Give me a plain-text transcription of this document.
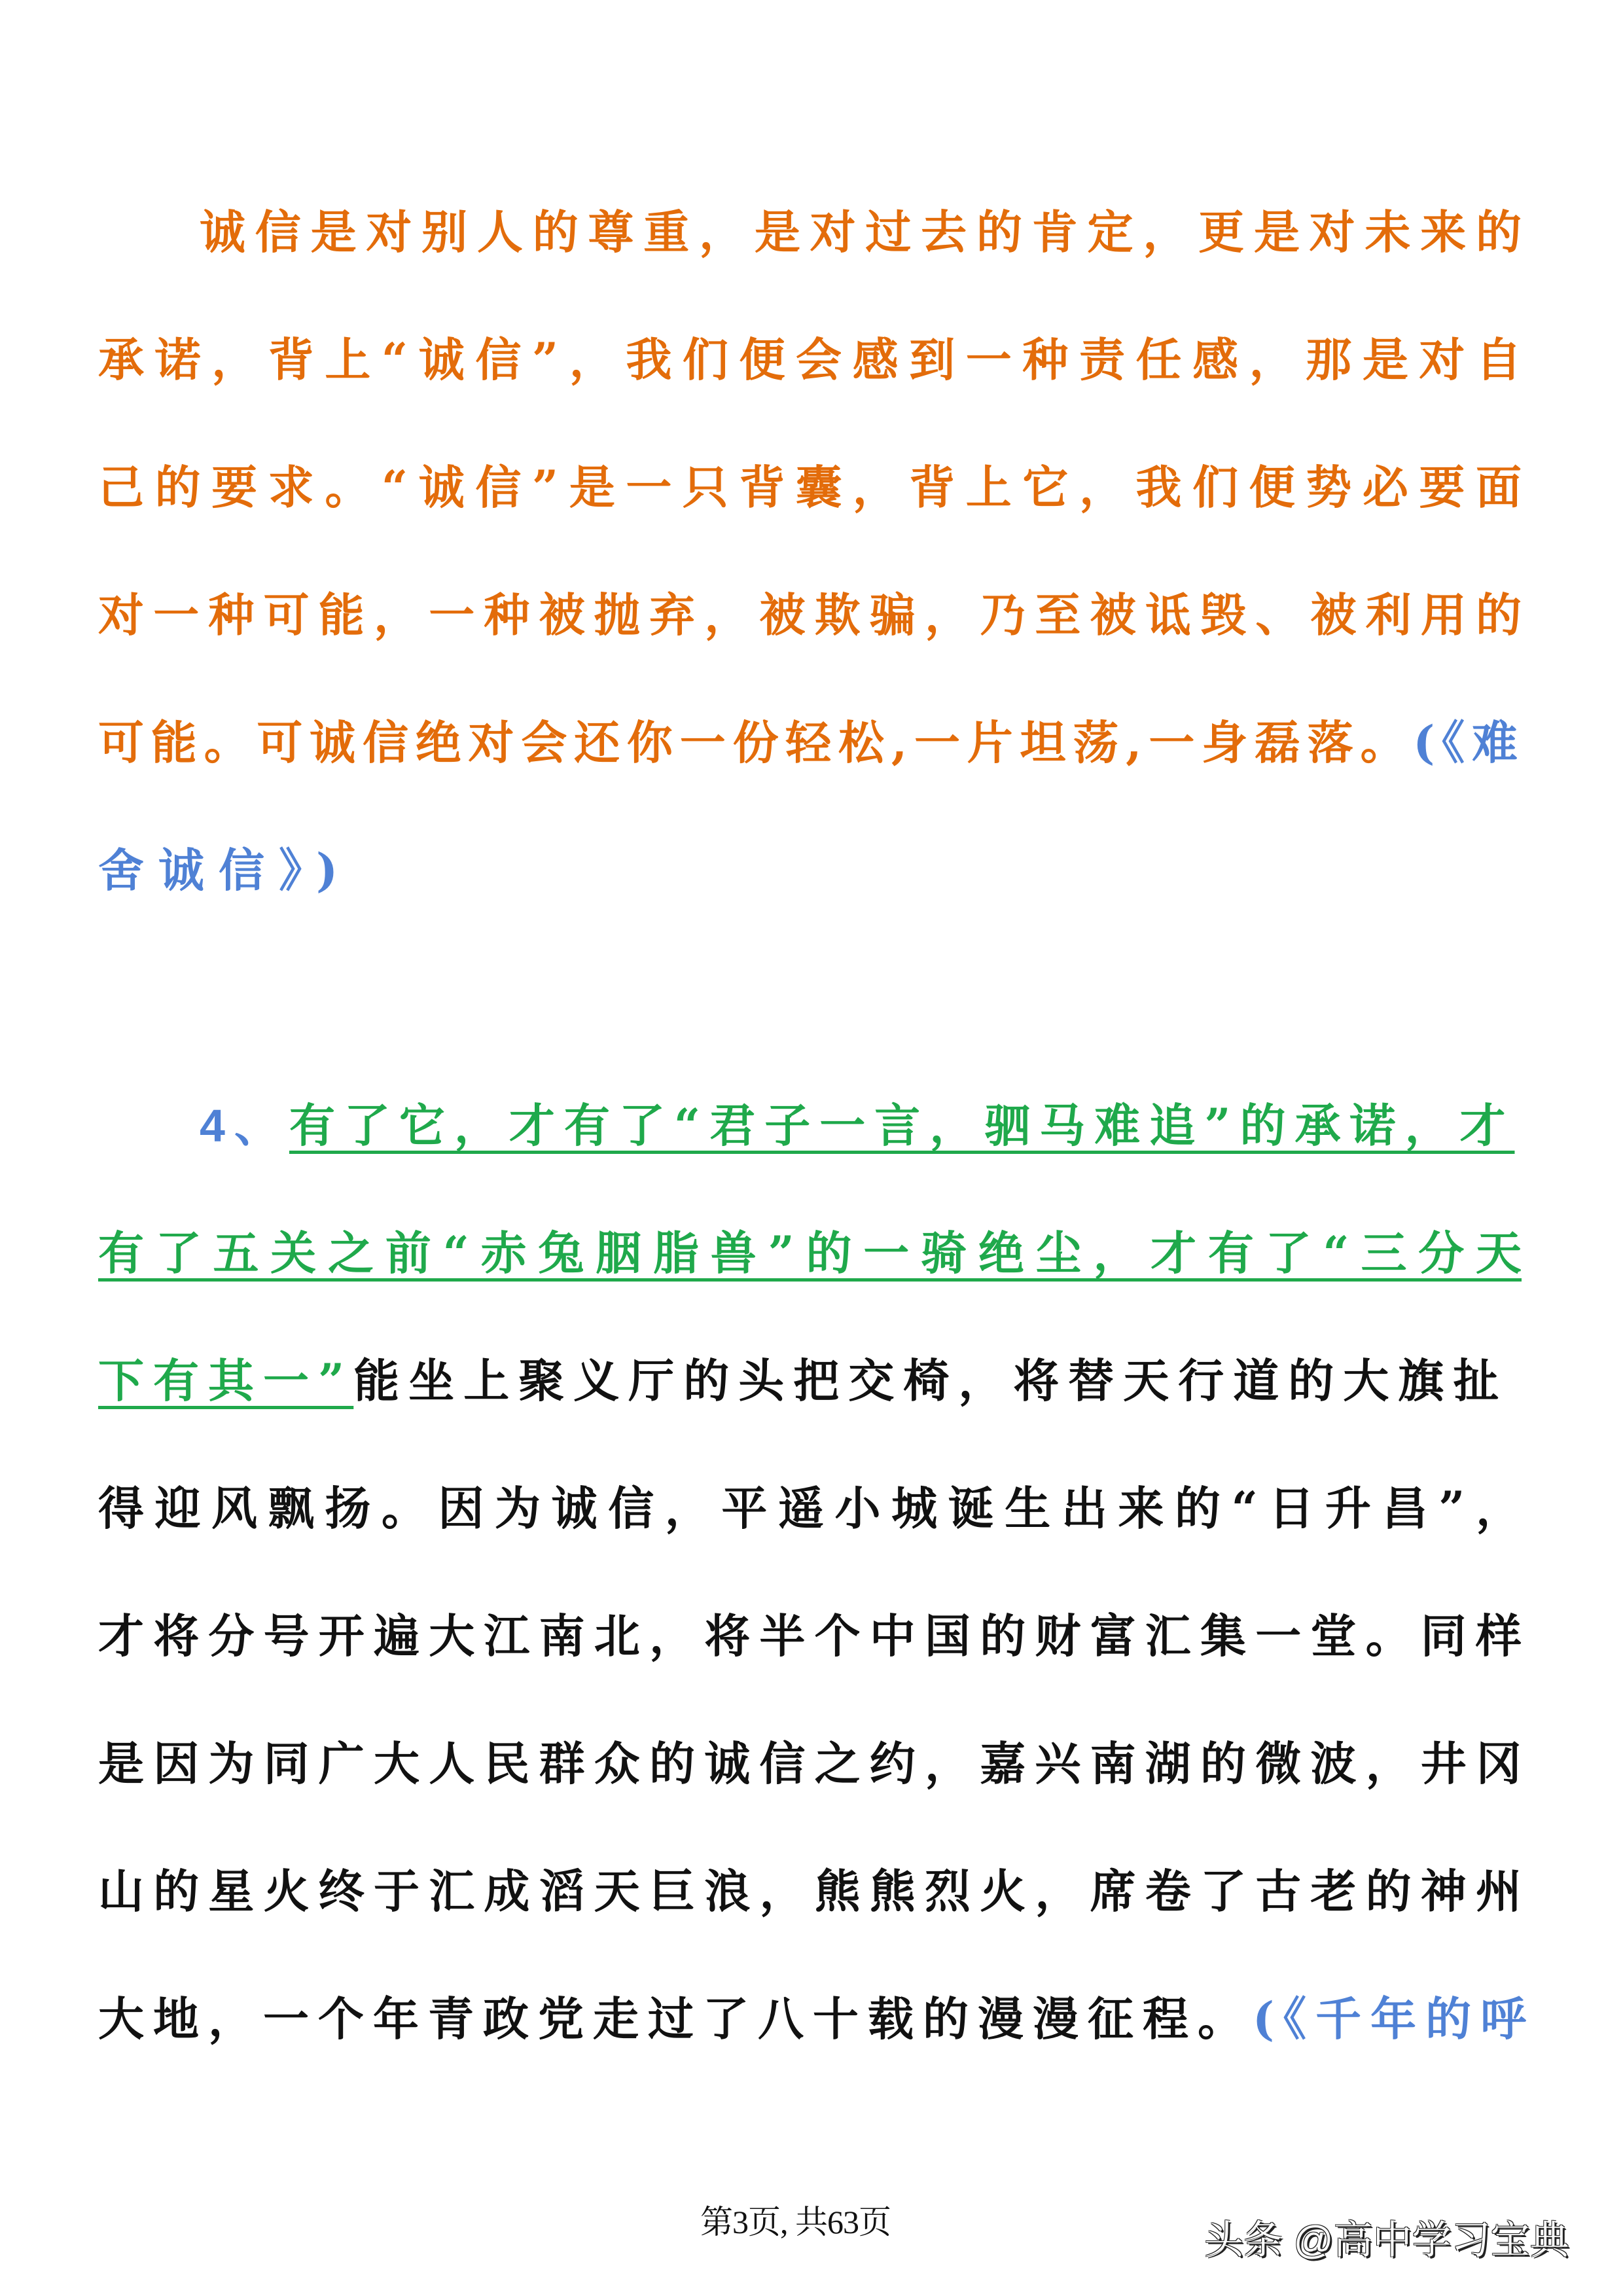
诚信是对别人的尊重，是对过去的肯定，更是对未来的
承诺，背上“诚信”，我们便会感到一种责任感，那是对自
己的要求。“诚信”是一只背囊，背上它，我们便势必要面
对一种可能，一种被抛弃，被欺骗，乃至被诋毁、被利用的
可能。可诚信绝对会还你一份轻松,一片坦荡,一身磊落。(《难
舍诚信》)
4、有了它，才有了“君子一言，驷马难追”的承诺，才
有了五关之前“赤兔胭脂兽”的一骑绝尘，才有了“三分天
下有其一”能坐上聚义厅的头把交椅，将替天行道的大旗扯
得迎风飘扬。因为诚信，平遥小城诞生出来的“日升昌”，
才将分号开遍大江南北，将半个中国的财富汇集一堂。同样
是因为同广大人民群众的诚信之约，嘉兴南湖的微波，井冈
山的星火终于汇成滔天巨浪，熊熊烈火，席卷了古老的神州
大地，一个年青政党走过了八十载的漫漫征程。(《千年的呼
第3页, 共63页	头条 @高中学习宝典
